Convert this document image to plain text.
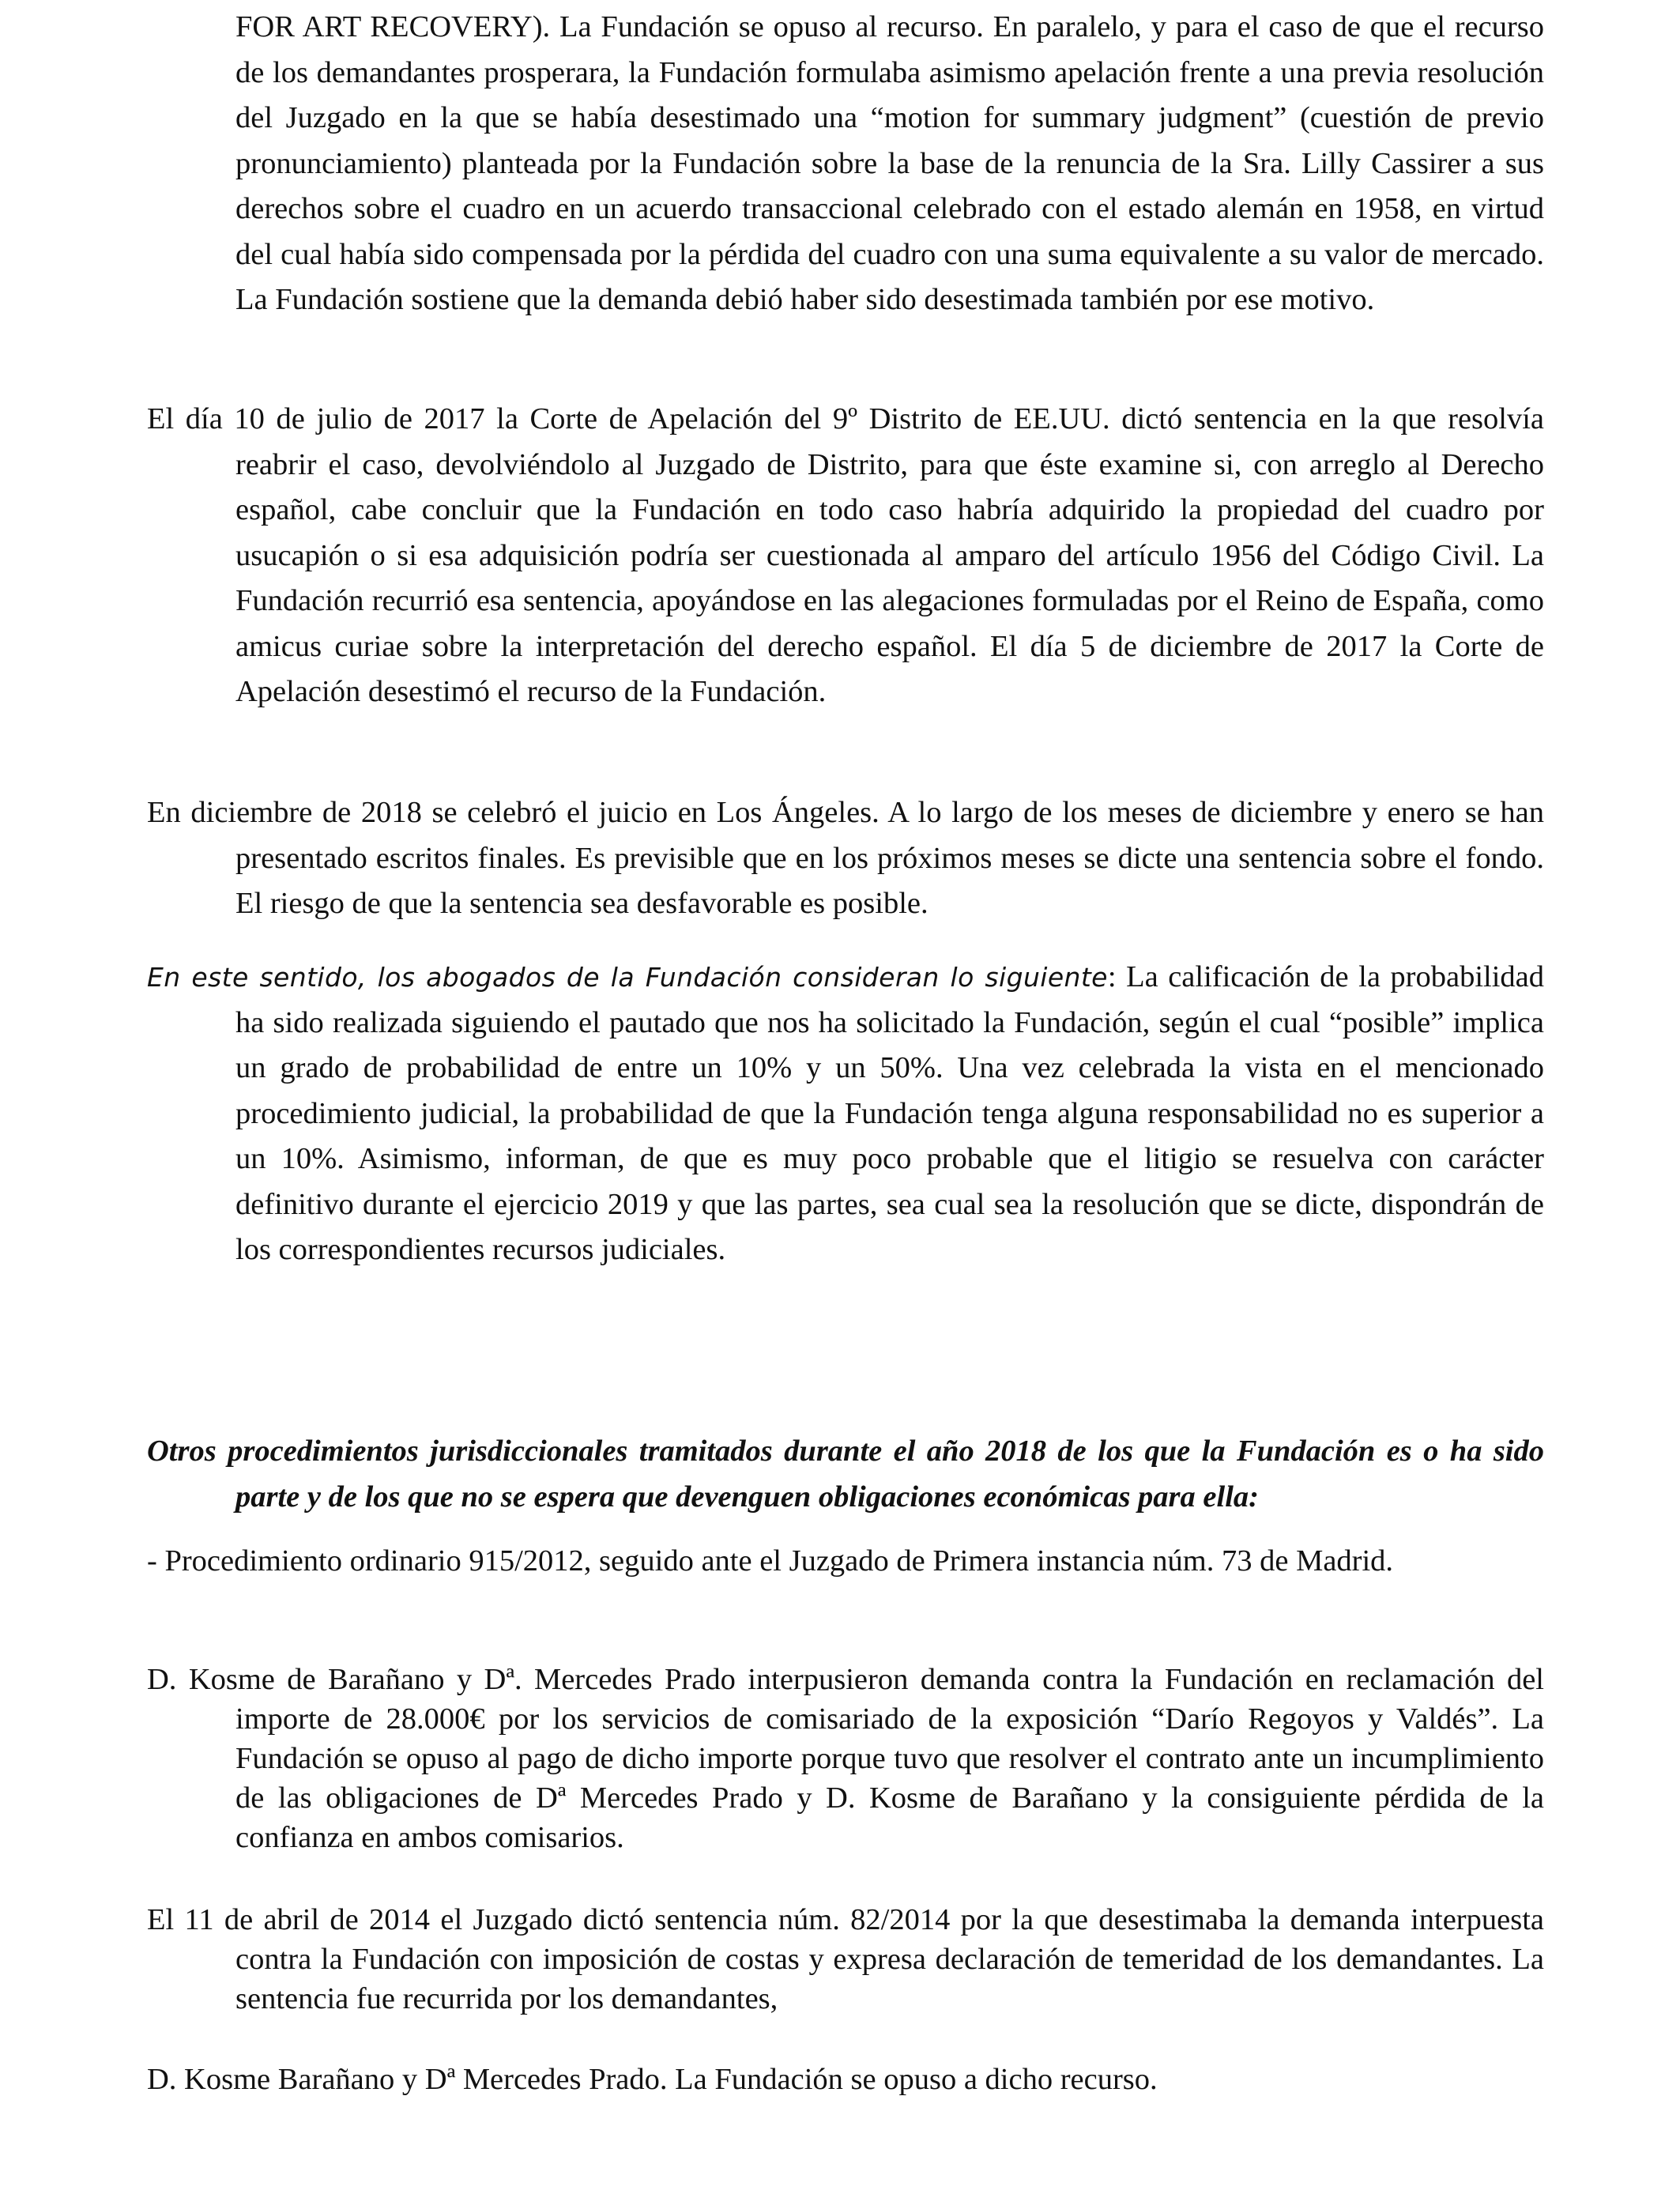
FOR ART RECOVERY). La Fundación se opuso al recurso. En paralelo, y para el caso de que el recurso de los demandantes prosperara, la Fundación formulaba asimismo apelación frente a una previa resolución del Juzgado en la que se había desestimado una “motion for summary judgment” (cuestión de previo pronunciamiento) planteada por la Fundación sobre la base de la renuncia de la Sra. Lilly Cassirer a sus derechos sobre el cuadro en un acuerdo transaccional celebrado con el estado alemán en 1958, en virtud del cual había sido compensada por la pérdida del cuadro con una suma equivalente a su valor de mercado. La Fundación sostiene que la demanda debió haber sido desestimada también por ese motivo.

El día 10 de julio de 2017 la Corte de Apelación del 9º Distrito de EE.UU. dictó sentencia en la que resolvía reabrir el caso, devolviéndolo al Juzgado de Distrito, para que éste examine si, con arreglo al Derecho español, cabe concluir que la Fundación en todo caso habría adquirido la propiedad del cuadro por usucapión o si esa adquisición podría ser cuestionada al amparo del artículo 1956 del Código Civil. La Fundación recurrió esa sentencia, apoyándose en las alegaciones formuladas por el Reino de España, como amicus curiae sobre la interpretación del derecho español. El día 5 de diciembre de 2017 la Corte de Apelación desestimó el recurso de la Fundación.

En diciembre de 2018 se celebró el juicio en Los Ángeles. A lo largo de los meses de diciembre y enero se han presentado escritos finales. Es previsible que en los próximos meses se dicte una sentencia sobre el fondo. El riesgo de que la sentencia sea desfavorable es posible.

En este sentido, los abogados de la Fundación consideran lo siguiente: La calificación de la probabilidad ha sido realizada siguiendo el pautado que nos ha solicitado la Fundación, según el cual “posible” implica un grado de probabilidad de entre un 10% y un 50%. Una vez celebrada la vista en el mencionado procedimiento judicial, la probabilidad de que la Fundación tenga alguna responsabilidad no es superior a un 10%. Asimismo, informan, de que es muy poco probable que el litigio se resuelva con carácter definitivo durante el ejercicio 2019 y que las partes, sea cual sea la resolución que se dicte, dispondrán de los correspondientes recursos judiciales.

Otros procedimientos jurisdiccionales tramitados durante el año 2018 de los que la Fundación es o ha sido parte y de los que no se espera que devenguen obligaciones económicas para ella:

- Procedimiento ordinario 915/2012, seguido ante el Juzgado de Primera instancia núm. 73 de Madrid.

D. Kosme de Barañano y Dª. Mercedes Prado interpusieron demanda contra la Fundación en reclamación del importe de 28.000€ por los servicios de comisariado de la exposición “Darío Regoyos y Valdés”. La Fundación se opuso al pago de dicho importe porque tuvo que resolver el contrato ante un incumplimiento de las obligaciones de Dª Mercedes Prado y D. Kosme de Barañano y la consiguiente pérdida de la confianza en ambos comisarios.

El 11 de abril de 2014 el Juzgado dictó sentencia núm. 82/2014 por la que desestimaba la demanda interpuesta contra la Fundación con imposición de costas y expresa declaración de temeridad de los demandantes. La sentencia fue recurrida por los demandantes,

D. Kosme Barañano y Dª Mercedes Prado. La Fundación se opuso a dicho recurso.
